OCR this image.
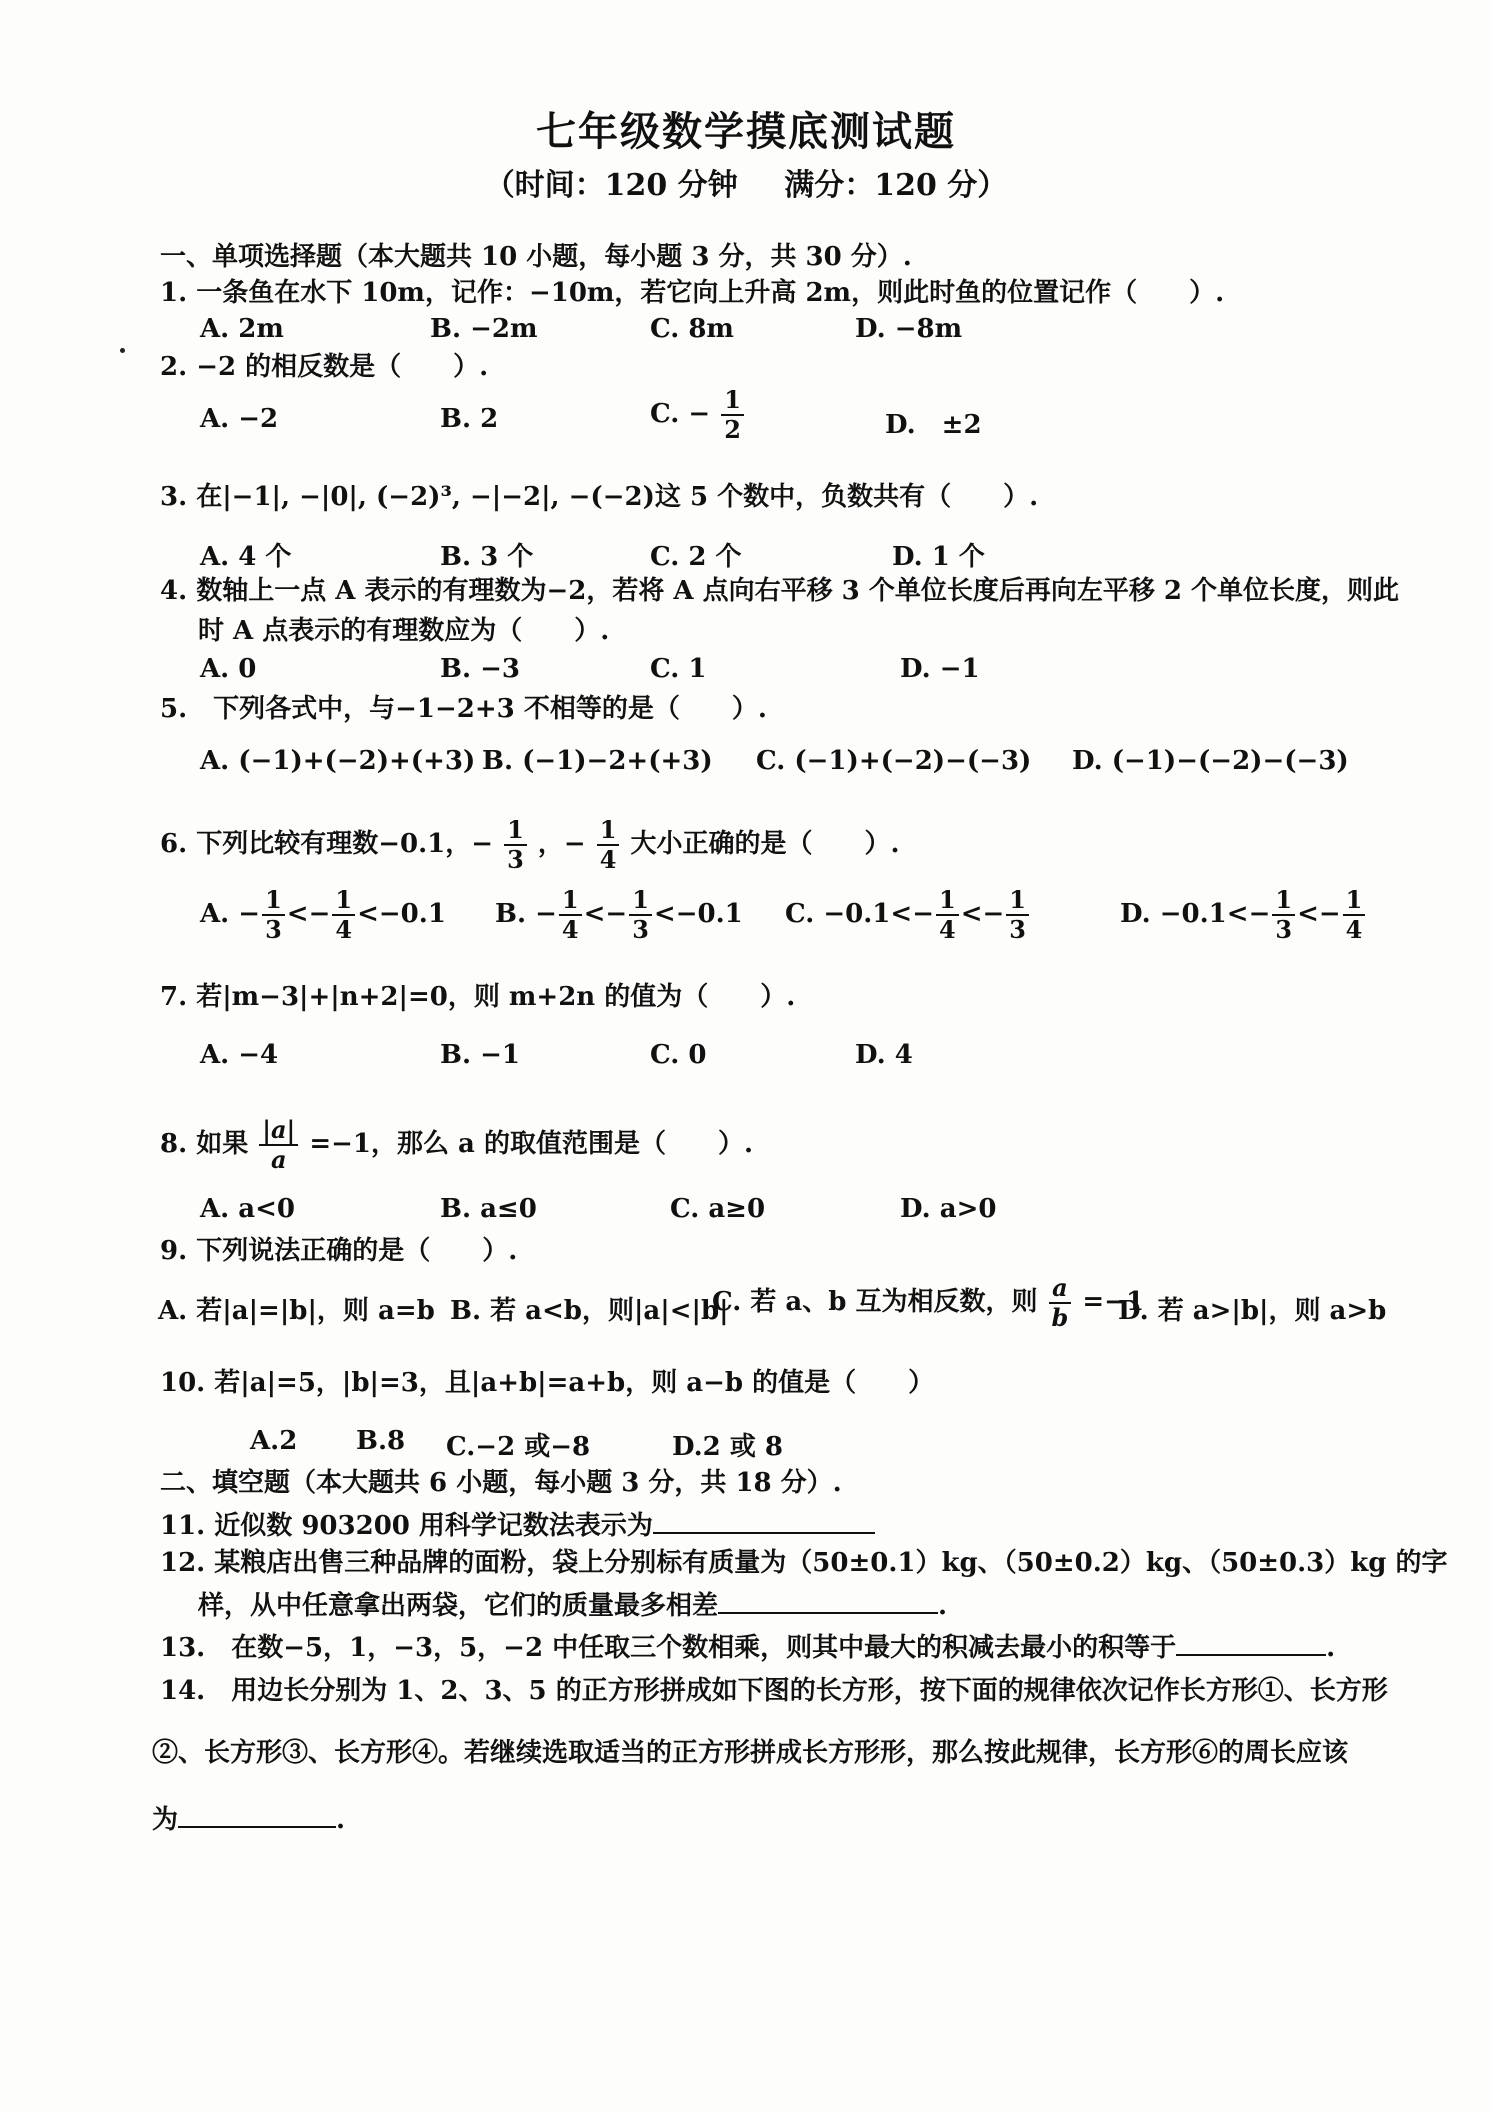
七年级数学摸底测试题
（时间：120 分钟 满分：120 分）
一、单项选择题（本大题共 10 小题，每小题 3 分，共 30 分）.
1. 一条鱼在水下 10m，记作：−10m，若它向上升高 2m，则此时鱼的位置记作（　　）.
A. 2m	B. −2m	C. 8m	D. −8m
2. −2 的相反数是（　　）.
A. −2	B. 2	C. − $\frac{1}{2}$	D.　±2
3. 在|−1|, −|0|, (−2)³, −|−2|, −(−2)这 5 个数中，负数共有（　　）.
A. 4 个	B. 3 个	C. 2 个	D. 1 个
4. 数轴上一点 A 表示的有理数为−2，若将 A 点向右平移 3 个单位长度后再向左平移 2 个单位长度，则此
时 A 点表示的有理数应为（　　）.
A. 0	B. −3	C. 1	D. −1
5.　下列各式中，与−1−2+3 不相等的是（　　）.
A. (−1)+(−2)+(+3) B. (−1)−2+(+3) C. (−1)+(−2)−(−3) D. (−1)−(−2)−(−3)
6. 下列比较有理数−0.1，− $\frac{1}{3}$ ，− $\frac{1}{4}$ 大小正确的是（　　）.
A. − $\frac{1}{3} <- \frac{1}{4} <-0.1$ B. − $\frac{1}{4} <- \frac{1}{3} <-0.1$ C. $-0.1<- \frac{1}{4} <- \frac{1}{3}$	D. $-0.1<- \frac{1}{3} <- \frac{1}{4}$
7. 若|m−3|+|n+2|=0，则 m+2n 的值为（　　）.
A. −4	B. −1	C. 0	D. 4
8. 如果 $\frac{|a|}{a} =-1$，那么 a 的取值范围是（　　）.
A. a<0	B. a≤0	C. a≥0	D. a>0
9. 下列说法正确的是（　　）.
A. 若|a|=|b|，则 a=b B. 若 a<b，则|a|<|b|
C. 若 a、b 互为相反数，则 $\frac{a}{b} =-1$
D. 若 a>|b|，则 a>b
10. 若|a|=5，|b|=3，且|a+b|=a+b，则 a−b 的值是（　　）
A.2 B.8 C.−2 或−8	D.2 或 8
二、填空题（本大题共 6 小题，每小题 3 分，共 18 分）.
11. 近似数 903200 用科学记数法表示为
12. 某粮店出售三种品牌的面粉，袋上分别标有质量为（50±0.1）kg、（50±0.2）kg、（50±0.3）kg 的字
样，从中任意拿出两袋，它们的质量最多相差	.
13.　在数−5，1，−3，5，−2 中任取三个数相乘，则其中最大的积减去最小的积等于	.
14.　用边长分别为 1、2、3、5 的正方形拼成如下图的长方形，按下面的规律依次记作长方形①、长方形
②、长方形③、长方形④。若继续选取适当的正方形拼成长方形形，那么按此规律，长方形⑥的周长应该
为	.
